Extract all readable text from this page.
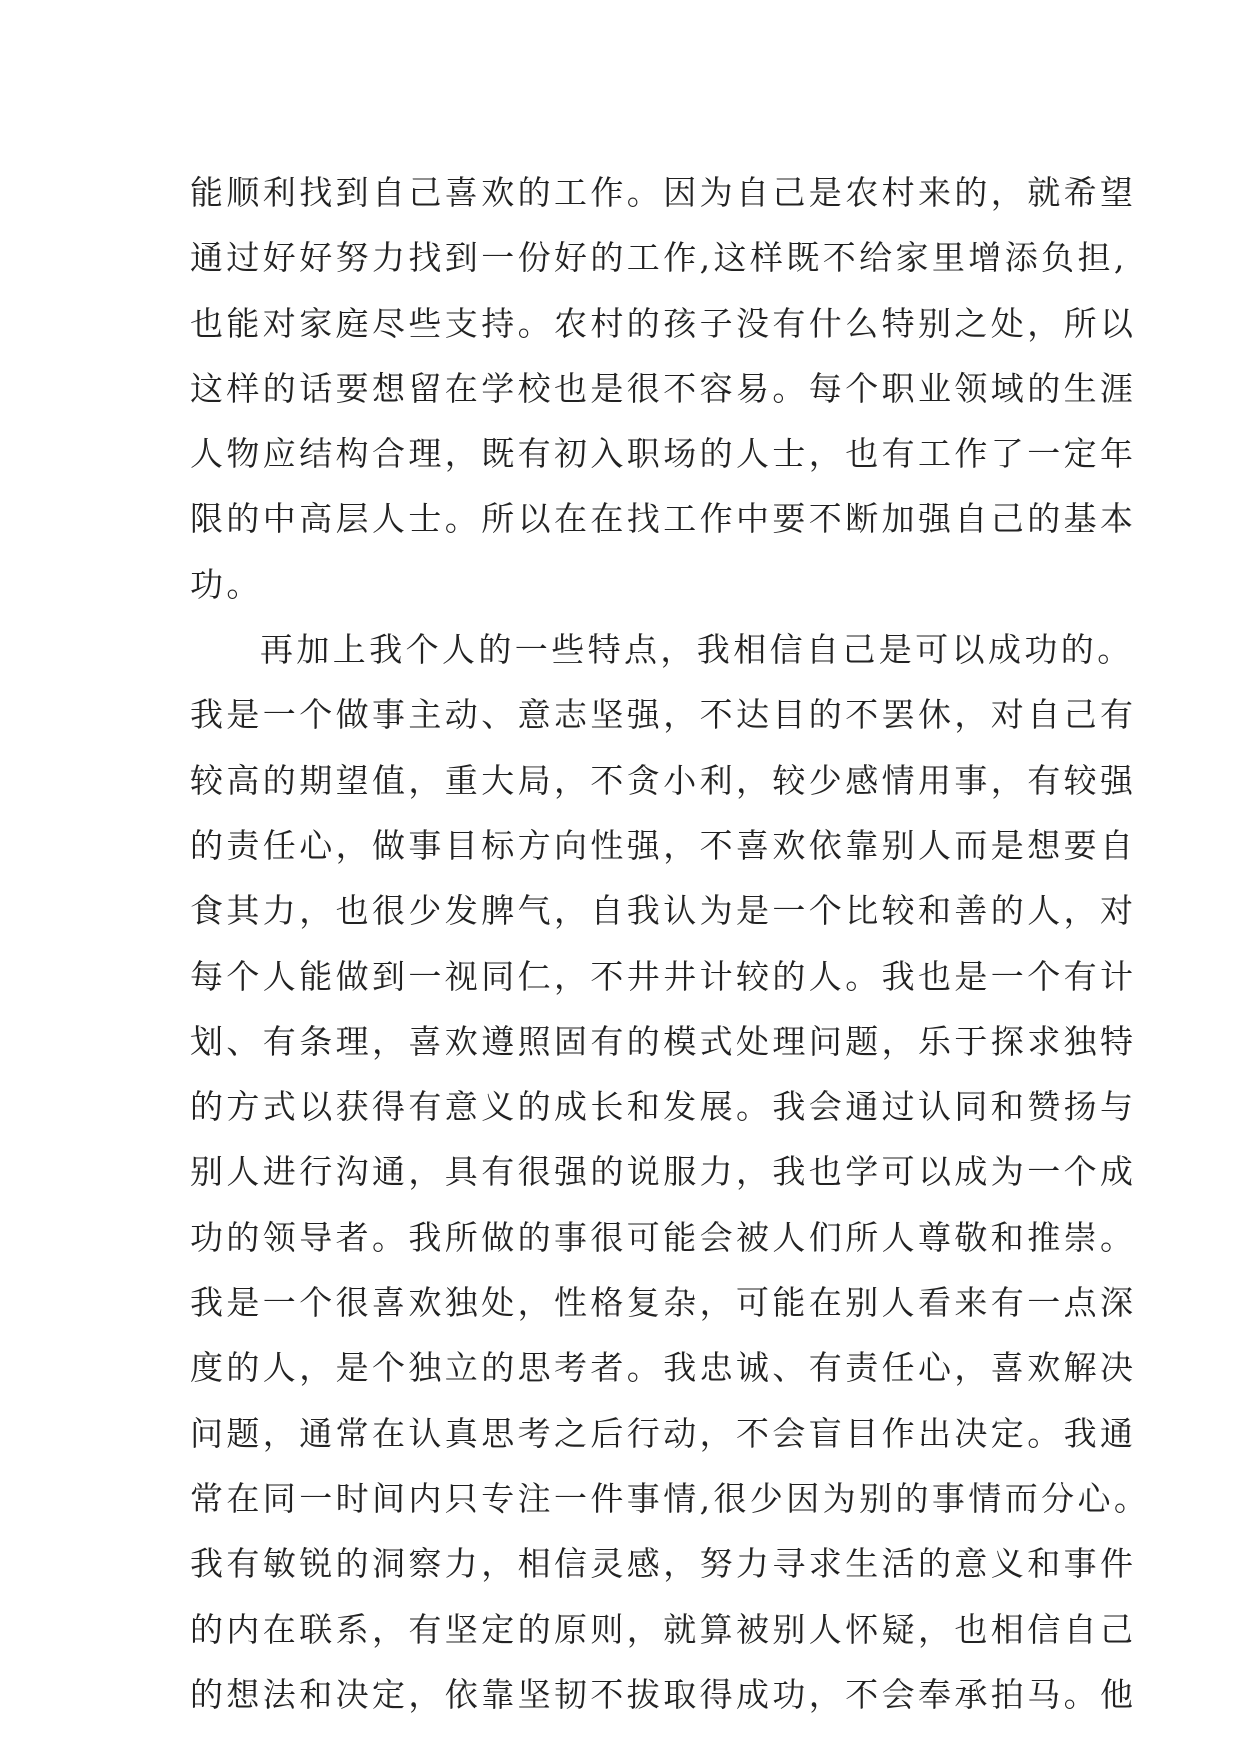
能顺利找到自己喜欢的工作。因为自己是农村来的，就希望
通过好好努力找到一份好的工作,这样既不给家里增添负担,
也能对家庭尽些支持。农村的孩子没有什么特别之处，所以
这样的话要想留在学校也是很不容易。每个职业领域的生涯
人物应结构合理，既有初入职场的人士，也有工作了一定年
限的中高层人士。所以在在找工作中要不断加强自己的基本
功。
再加上我个人的一些特点，我相信自己是可以成功的。
我是一个做事主动、意志坚强，不达目的不罢休，对自己有
较高的期望值，重大局，不贪小利，较少感情用事，有较强
的责任心，做事目标方向性强，不喜欢依靠别人而是想要自
食其力，也很少发脾气，自我认为是一个比较和善的人，对
每个人能做到一视同仁，不井井计较的人。我也是一个有计
划、有条理，喜欢遵照固有的模式处理问题，乐于探求独特
的方式以获得有意义的成长和发展。我会通过认同和赞扬与
别人进行沟通，具有很强的说服力，我也学可以成为一个成
功的领导者。我所做的事很可能会被人们所人尊敬和推崇。
我是一个很喜欢独处，性格复杂，可能在别人看来有一点深
度的人，是个独立的思考者。我忠诚、有责任心，喜欢解决
问题，通常在认真思考之后行动，不会盲目作出决定。我通
常在同一时间内只专注一件事情,很少因为别的事情而分心。
我有敏锐的洞察力，相信灵感，努力寻求生活的意义和事件
的内在联系，有坚定的原则，就算被别人怀疑，也相信自己
的想法和决定，依靠坚韧不拔取得成功，不会奉承拍马。他
